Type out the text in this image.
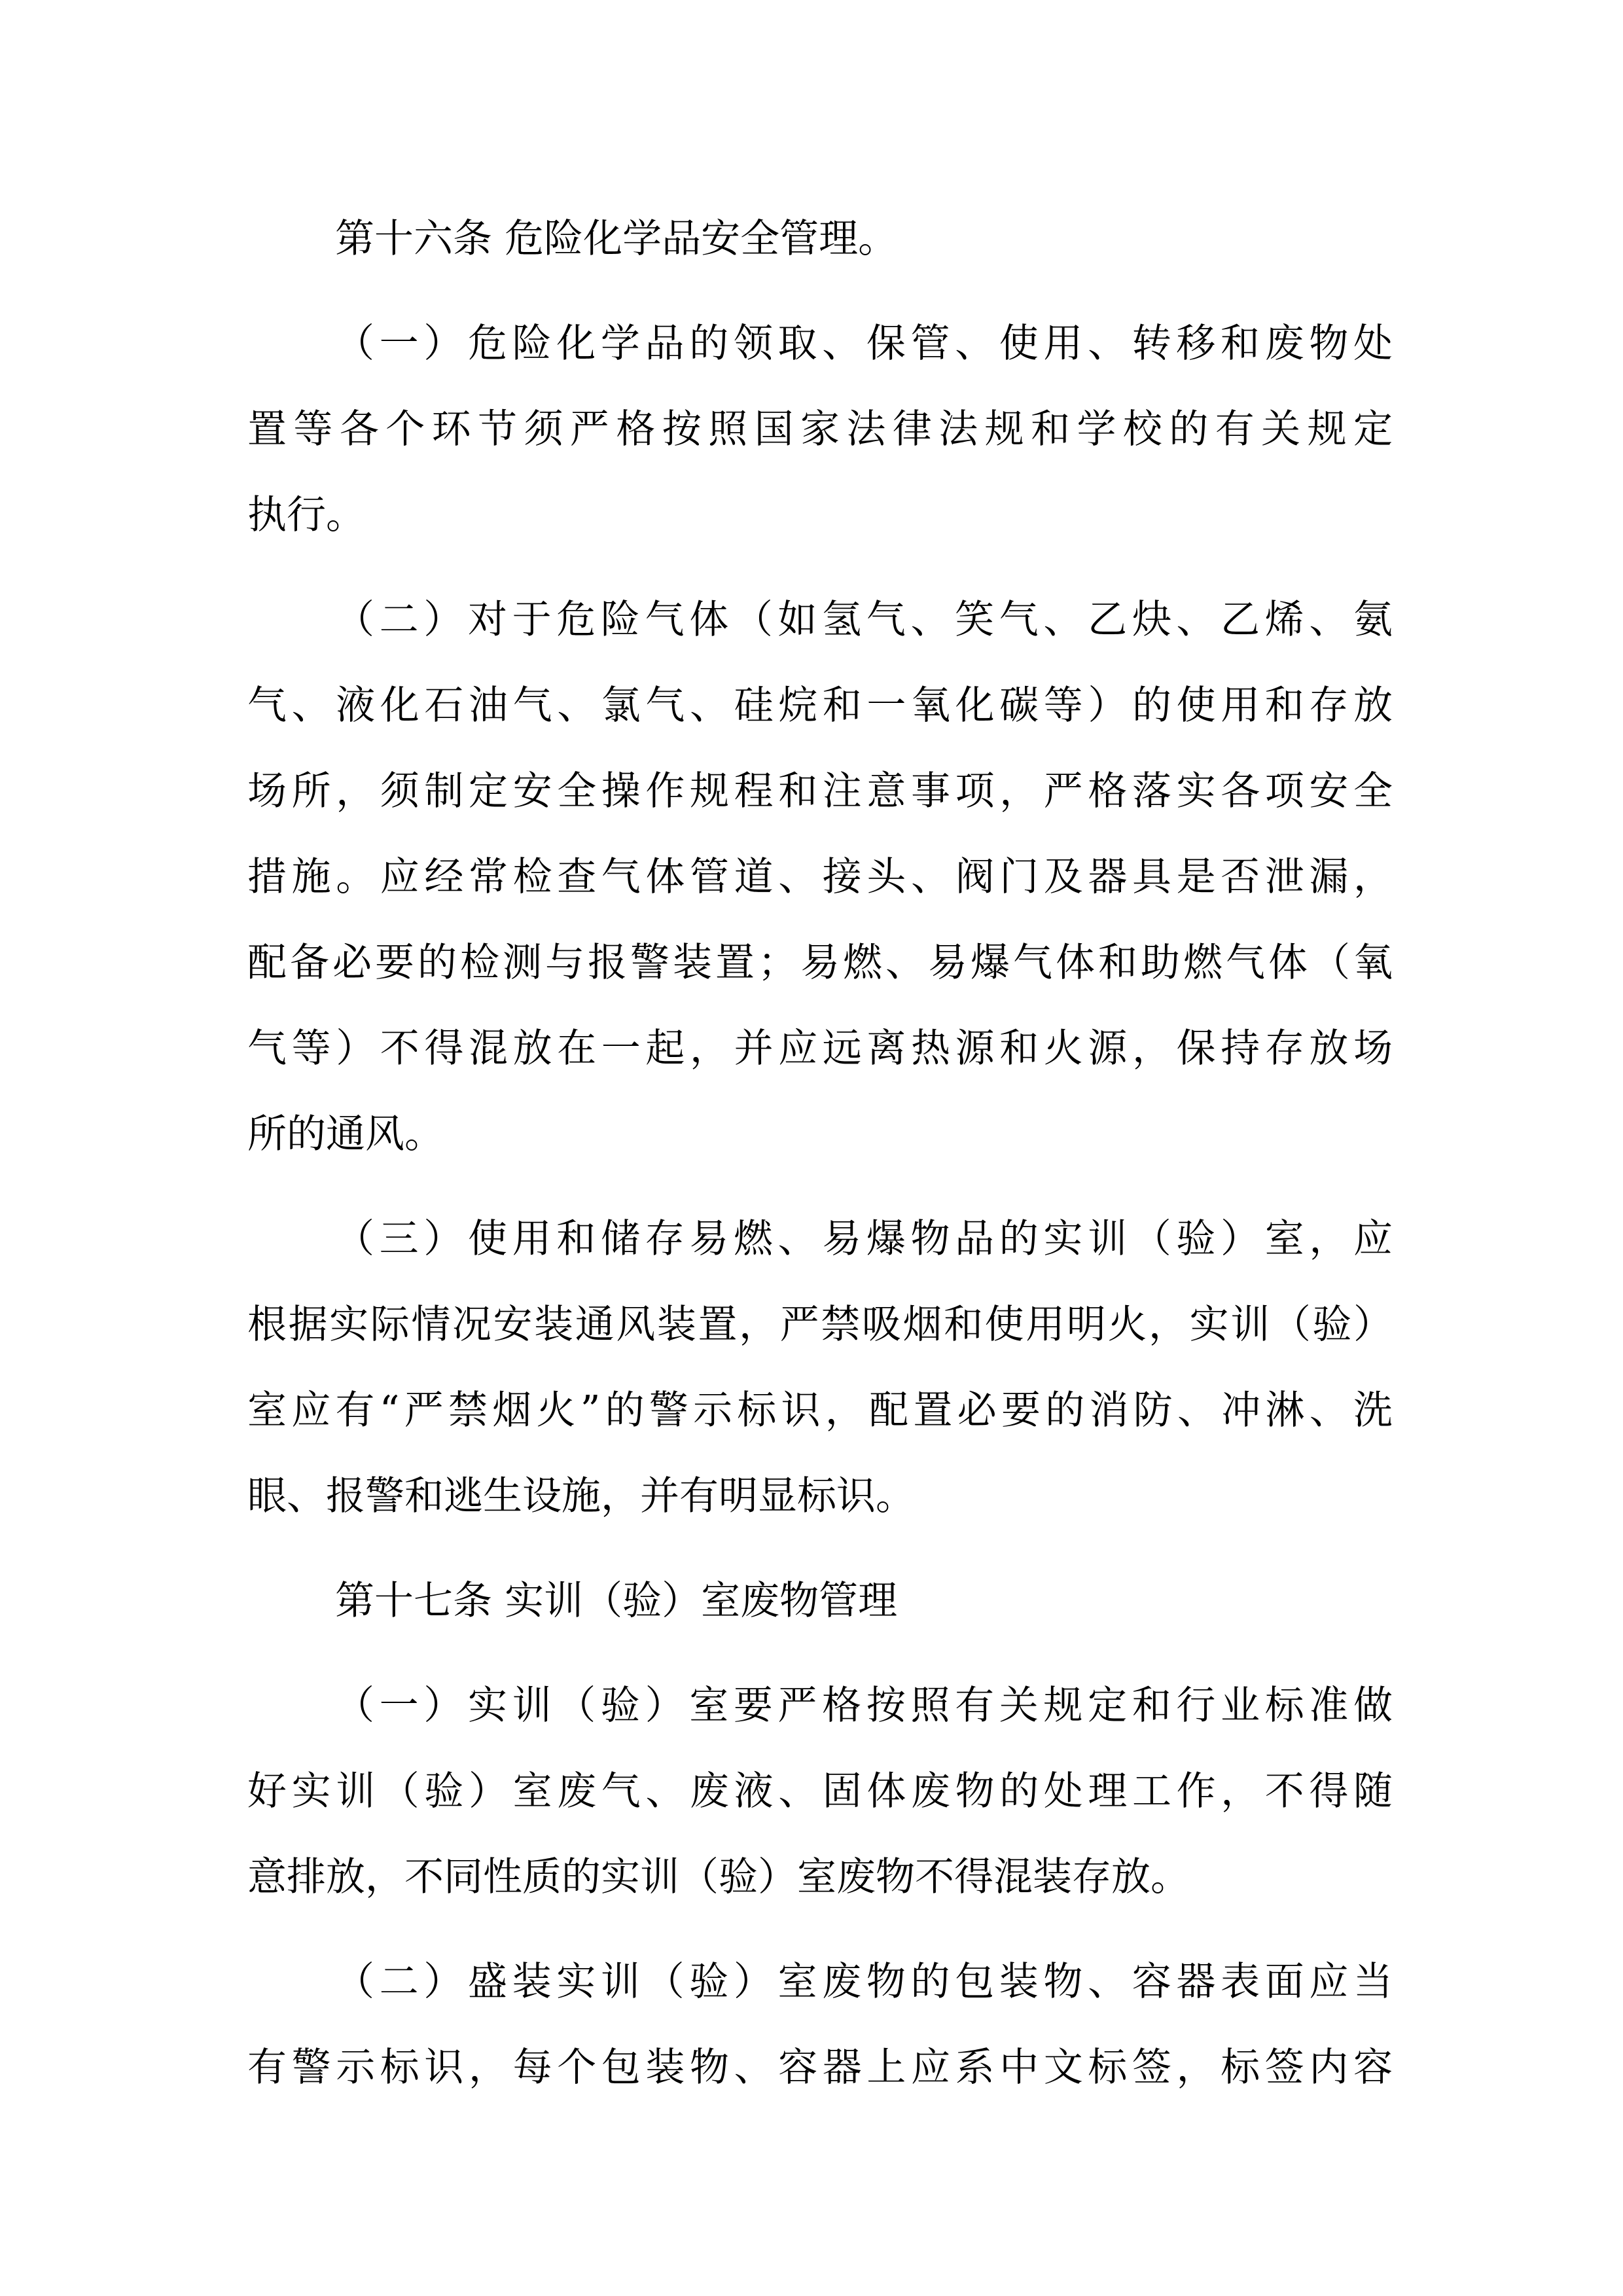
第十六条 危险化学品安全管理。
（一）危险化学品的领取、保管、使用、转移和废物处
置等各个环节须严格按照国家法律法规和学校的有关规定
执行。
（二）对于危险气体（如氢气、笑气、乙炔、乙烯、氨
气、液化石油气、氯气、硅烷和一氧化碳等）的使用和存放
场所，须制定安全操作规程和注意事项，严格落实各项安全
措施。应经常检查气体管道、接头、阀门及器具是否泄漏，
配备必要的检测与报警装置；易燃、易爆气体和助燃气体（氧
气等）不得混放在一起，并应远离热源和火源，保持存放场
所的通风。
（三）使用和储存易燃、易爆物品的实训（验）室，应
根据实际情况安装通风装置，严禁吸烟和使用明火，实训（验）
室应有“严禁烟火”的警示标识，配置必要的消防、冲淋、洗
眼、报警和逃生设施，并有明显标识。
第十七条 实训（验）室废物管理
（一）实训（验）室要严格按照有关规定和行业标准做
好实训（验）室废气、废液、固体废物的处理工作，不得随
意排放，不同性质的实训（验）室废物不得混装存放。
（二）盛装实训（验）室废物的包装物、容器表面应当
有警示标识，每个包装物、容器上应系中文标签，标签内容
